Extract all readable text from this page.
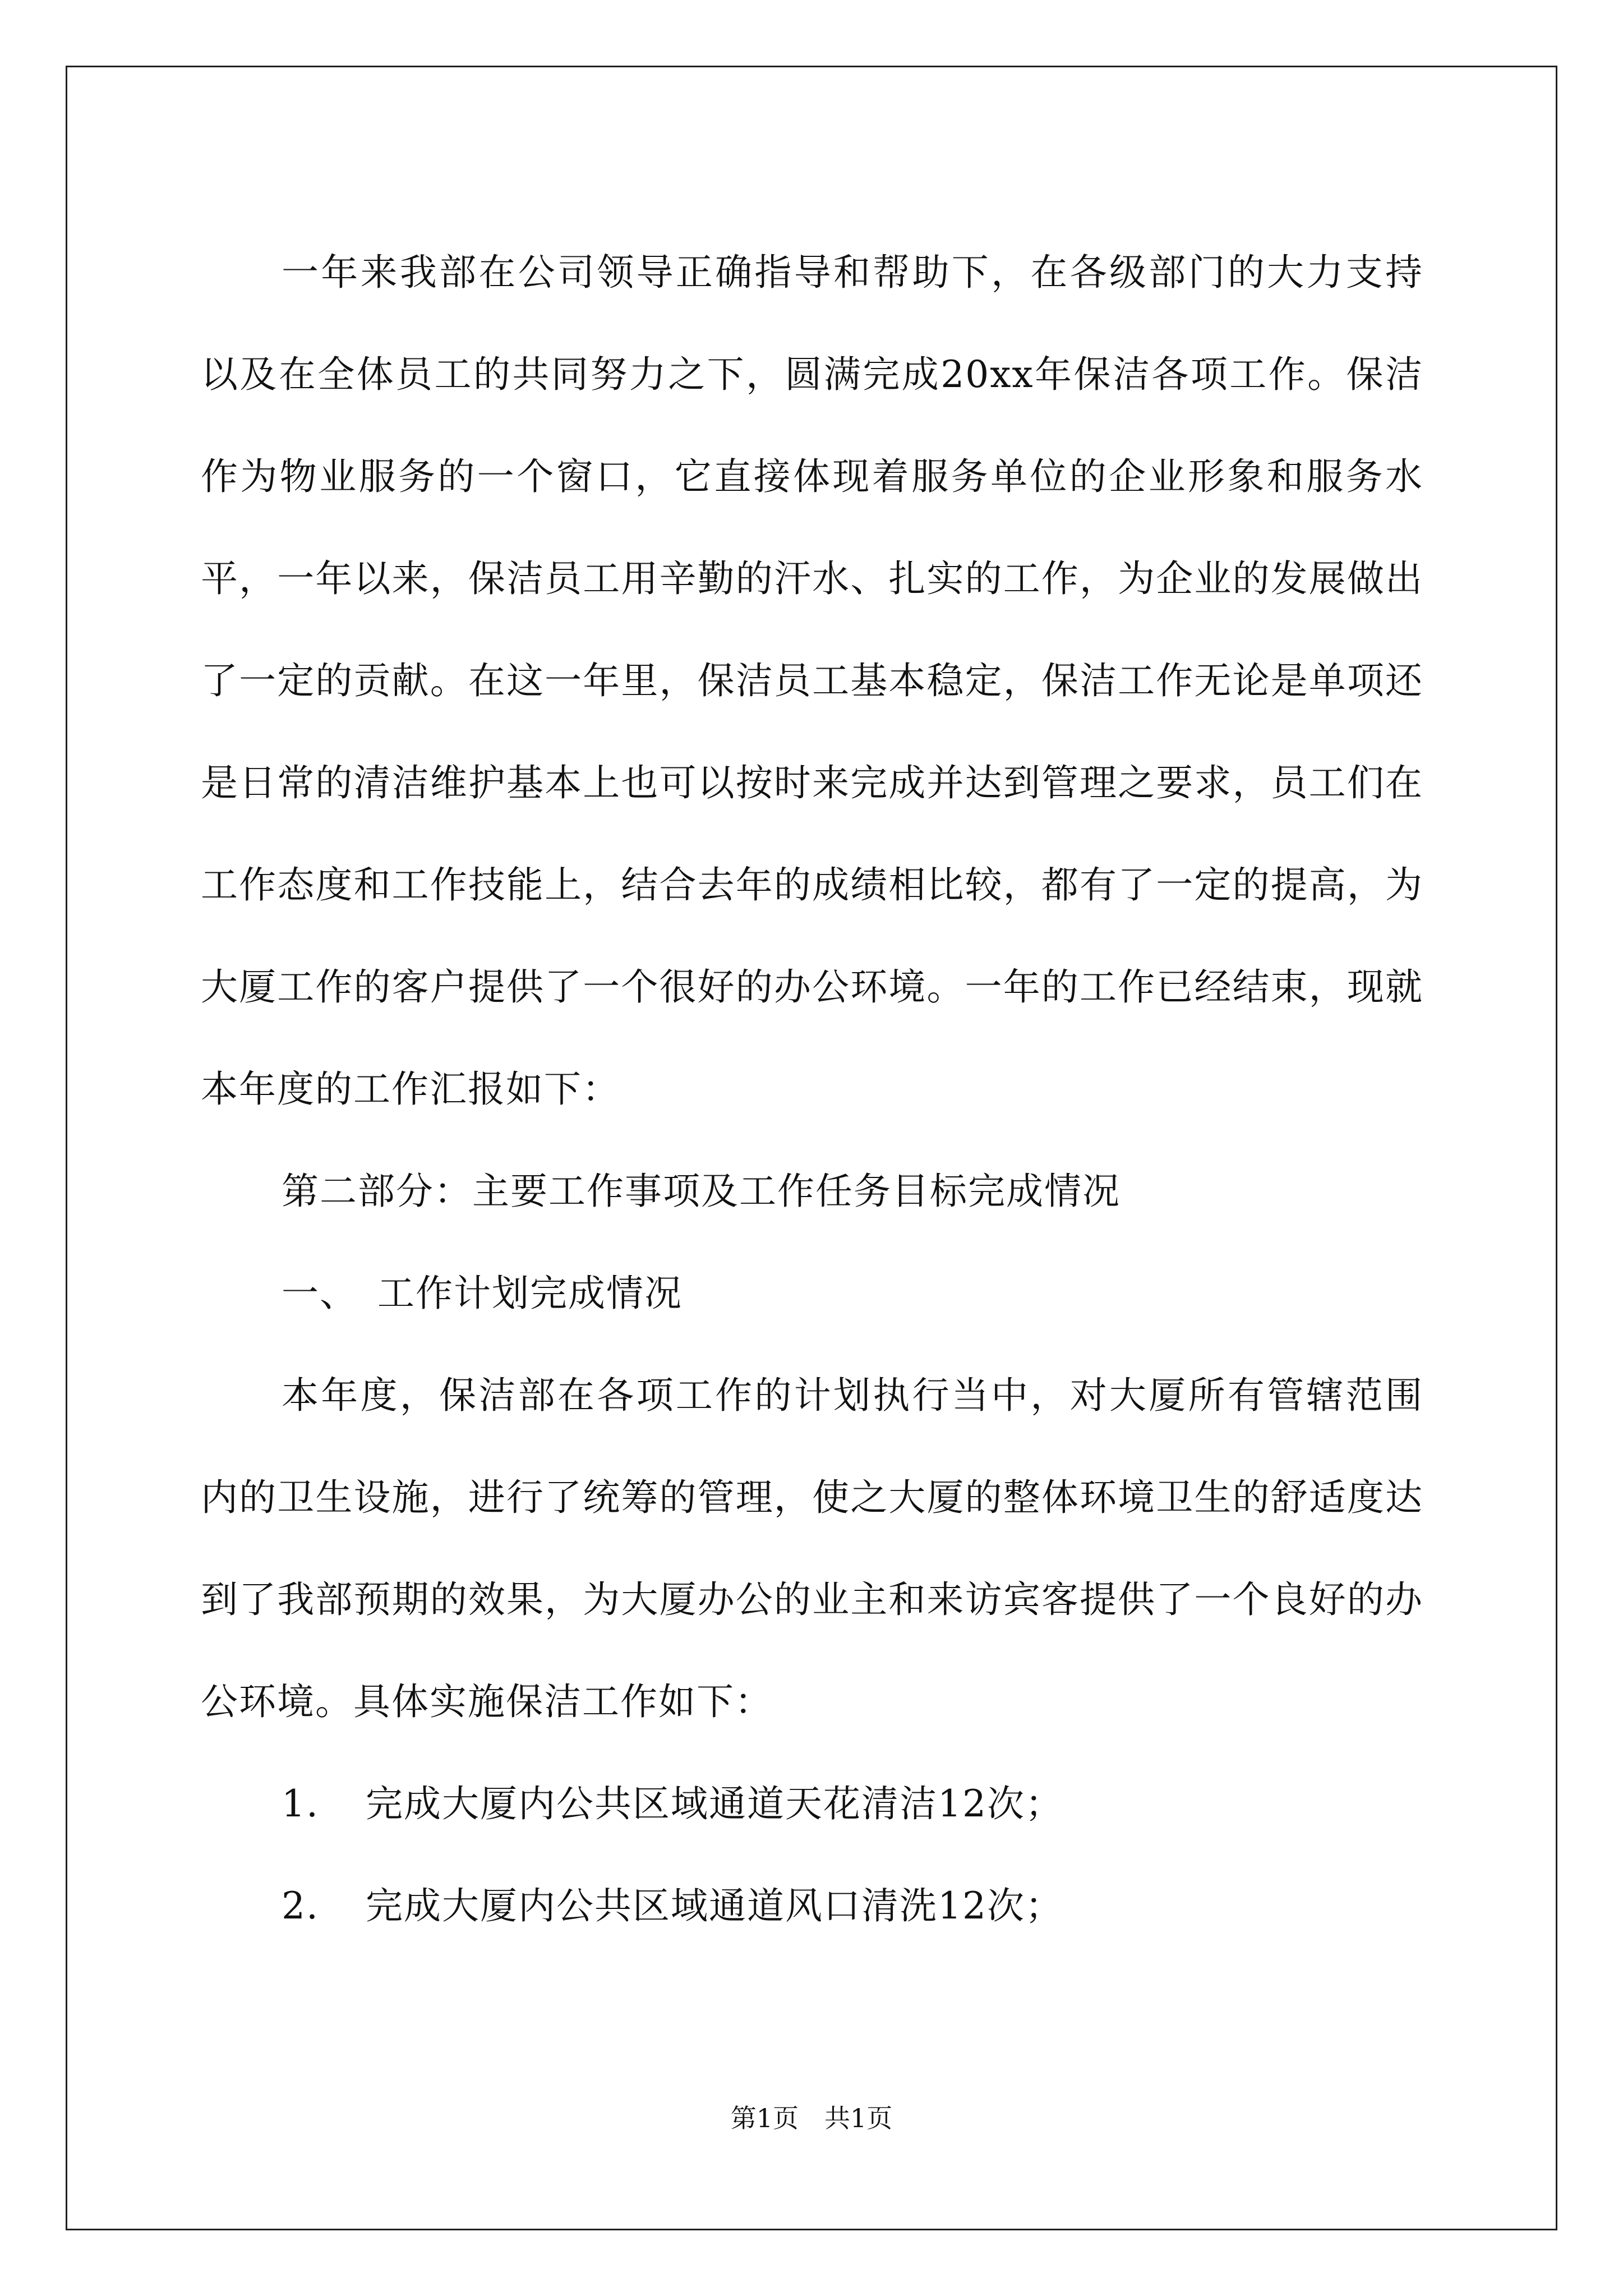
一年来我部在公司领导正确指导和帮助下，在各级部门的大力支持以及在全体员工的共同努力之下，圆满完成20xx年保洁各项工作。保洁作为物业服务的一个窗口，它直接体现着服务单位的企业形象和服务水平，一年以来，保洁员工用辛勤的汗水、扎实的工作，为企业的发展做出了一定的贡献。在这一年里，保洁员工基本稳定，保洁工作无论是单项还是日常的清洁维护基本上也可以按时来完成并达到管理之要求，员工们在工作态度和工作技能上，结合去年的成绩相比较，都有了一定的提高，为大厦工作的客户提供了一个很好的办公环境。一年的工作已经结束，现就本年度的工作汇报如下：

第二部分：主要工作事项及工作任务目标完成情况

一、　工作计划完成情况

本年度，保洁部在各项工作的计划执行当中，对大厦所有管辖范围内的卫生设施，进行了统筹的管理，使之大厦的整体环境卫生的舒适度达到了我部预期的效果，为大厦办公的业主和来访宾客提供了一个良好的办公环境。具体实施保洁工作如下：

1. 完成大厦内公共区域通道天花清洁12次；
2. 完成大厦内公共区域通道风口清洗12次；
第1页　共1页
